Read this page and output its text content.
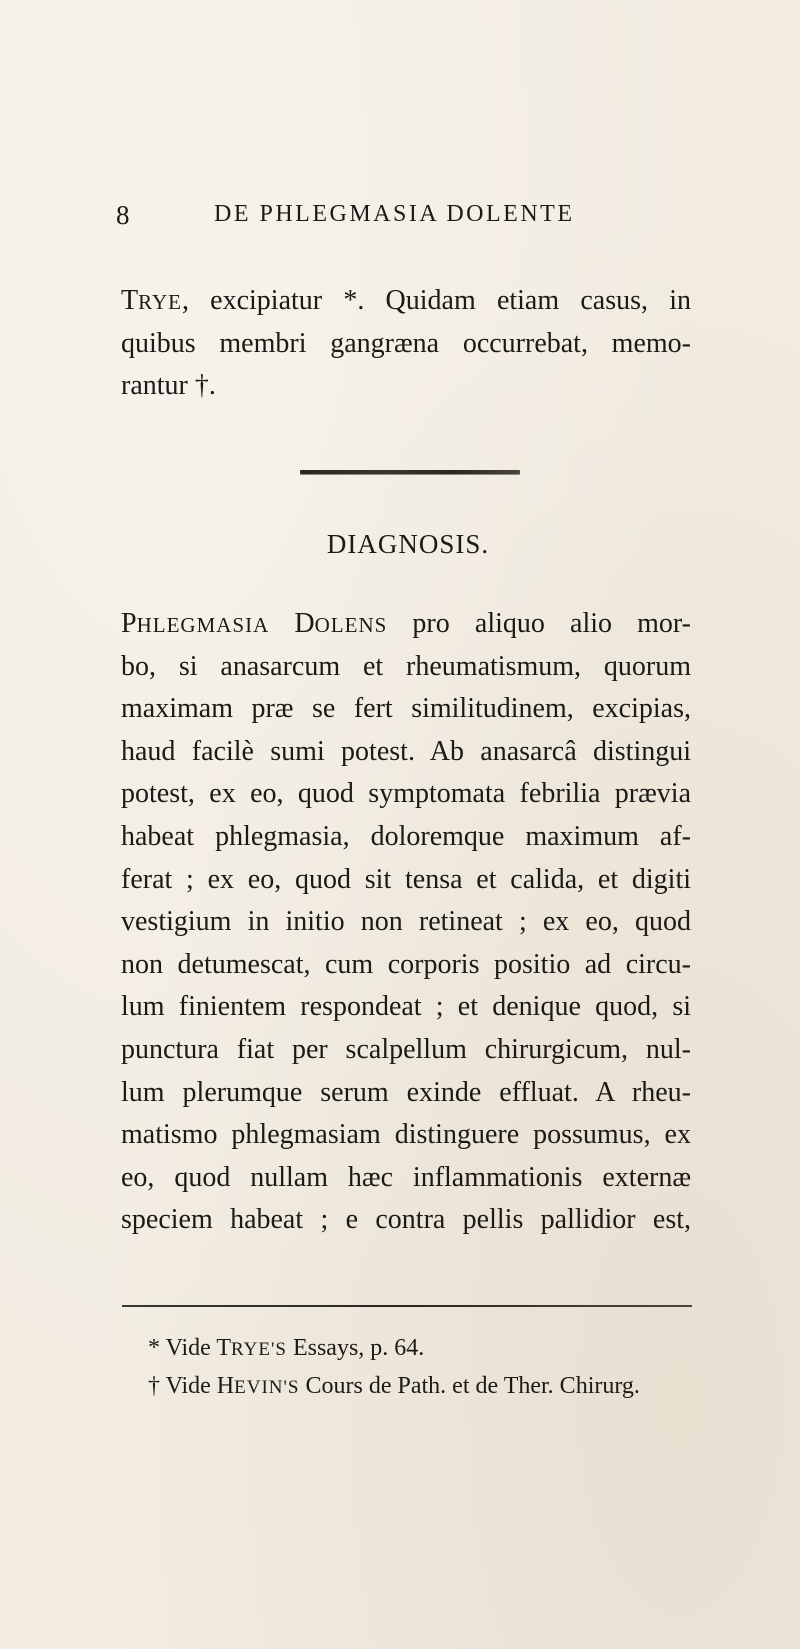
8	DE PHLEGMASIA DOLENTE
TRYE, excipiatur *. Quidam etiam casus, in
quibus membri gangræna occurrebat, memo-
rantur †.
DIAGNOSIS.
PHLEGMASIA DOLENS pro aliquo alio mor-
bo, si anasarcum et rheumatismum, quorum
maximam præ se fert similitudinem, excipias,
haud facilè sumi potest. Ab anasarcâ distingui
potest, ex eo, quod symptomata febrilia prævia
habeat phlegmasia, doloremque maximum af-
ferat ; ex eo, quod sit tensa et calida, et digiti
vestigium in initio non retineat ; ex eo, quod
non detumescat, cum corporis positio ad circu-
lum finientem respondeat ; et denique quod, si
punctura fiat per scalpellum chirurgicum, nul-
lum plerumque serum exinde effluat. A rheu-
matismo phlegmasiam distinguere possumus, ex
eo, quod nullam hæc inflammationis externæ
speciem habeat ; e contra pellis pallidior est,
* Vide TRYE'S Essays, p. 64.
† Vide HEVIN'S Cours de Path. et de Ther. Chirurg.
